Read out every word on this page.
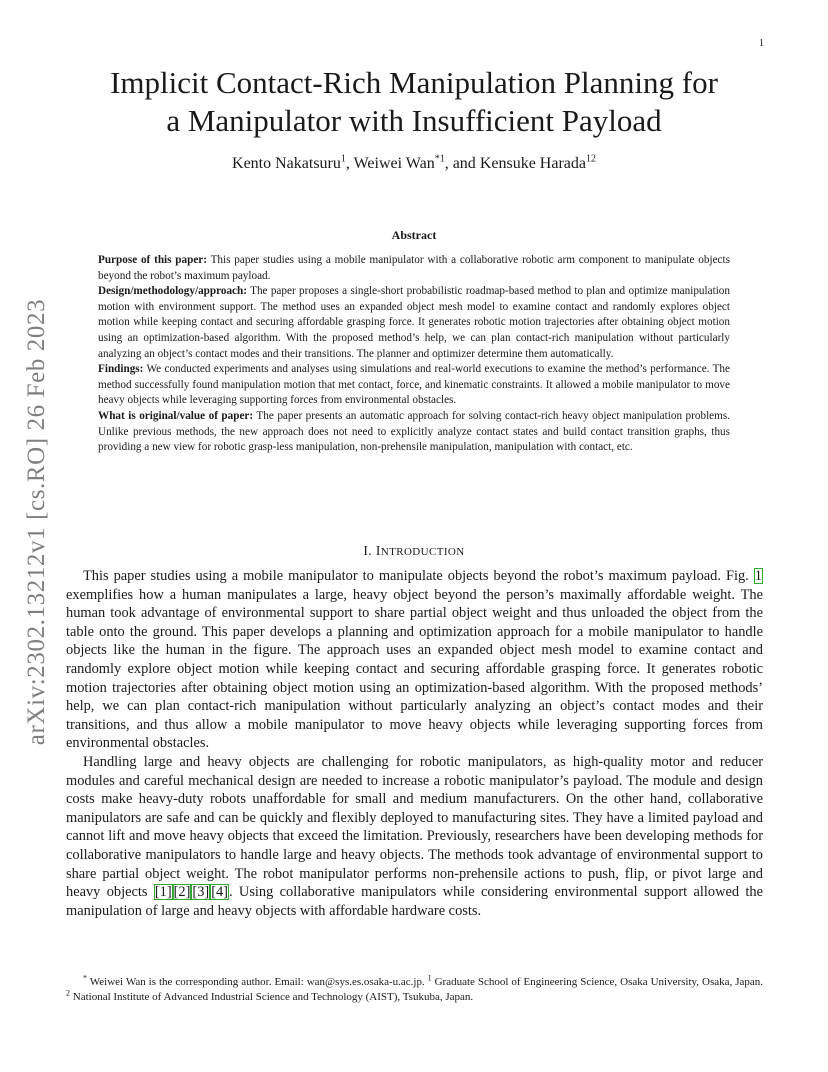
1
arXiv:2302.13212v1 [cs.RO] 26 Feb 2023
Implicit Contact-Rich Manipulation Planning for
a Manipulator with Insufficient Payload
Kento Nakatsuru$^1$, Weiwei Wan$^{*1}$, and Kensuke Harada$^{12}$
Abstract

Purpose of this paper: This paper studies using a mobile manipulator with a collaborative robotic arm component to manipulate objects beyond the robot’s maximum payload.

Design/methodology/approach: The paper proposes a single-short probabilistic roadmap-based method to plan and optimize manipulation motion with environment support. The method uses an expanded object mesh model to examine contact and randomly explores object motion while keeping contact and securing affordable grasping force. It generates robotic motion trajectories after obtaining object motion using an optimization-based algorithm. With the proposed method’s help, we can plan contact-rich manipulation without particularly analyzing an object’s contact modes and their transitions. The planner and optimizer determine them automatically.

Findings: We conducted experiments and analyses using simulations and real-world executions to examine the method’s performance. The method successfully found manipulation motion that met contact, force, and kinematic constraints. It allowed a mobile manipulator to move heavy objects while leveraging supporting forces from environmental obstacles.

What is original/value of paper: The paper presents an automatic approach for solving contact-rich heavy object manipulation problems. Unlike previous methods, the new approach does not need to explicitly analyze contact states and build contact transition graphs, thus providing a new view for robotic grasp-less manipulation, non-prehensile manipulation, manipulation with contact, etc.

I. INTRODUCTION

This paper studies using a mobile manipulator to manipulate objects beyond the robot’s maximum payload. Fig. 1 exemplifies how a human manipulates a large, heavy object beyond the person’s maximally affordable weight. The human took advantage of environmental support to share partial object weight and thus unloaded the object from the table onto the ground. This paper develops a planning and optimization approach for a mobile manipulator to handle objects like the human in the figure. The approach uses an expanded object mesh model to examine contact and randomly explore object motion while keeping contact and securing affordable grasping force. It generates robotic motion trajectories after obtaining object motion using an optimization-based algorithm. With the proposed methods’ help, we can plan contact-rich manipulation without particularly analyzing an object’s contact modes and their transitions, and thus allow a mobile manipulator to move heavy objects while leveraging supporting forces from environmental obstacles.

Handling large and heavy objects are challenging for robotic manipulators, as high-quality motor and reducer modules and careful mechanical design are needed to increase a robotic manipulator’s payload. The module and design costs make heavy-duty robots unaffordable for small and medium manufacturers. On the other hand, collaborative manipulators are safe and can be quickly and flexibly deployed to manufacturing sites. They have a limited payload and cannot lift and move heavy objects that exceed the limitation. Previously, researchers have been developing methods for collaborative manipulators to handle large and heavy objects. The methods took advantage of environmental support to share partial object weight. The robot manipulator performs non-prehensile actions to push, flip, or pivot large and heavy objects [1] [2] [3] [4]. Using collaborative manipulators while considering environmental support allowed the manipulation of large and heavy objects with affordable hardware costs.

* Weiwei Wan is the corresponding author. Email: wan@sys.es.osaka-u.ac.jp. $^1$ Graduate School of Engineering Science, Osaka University, Osaka, Japan. $^2$ National Institute of Advanced Industrial Science and Technology (AIST), Tsukuba, Japan.
